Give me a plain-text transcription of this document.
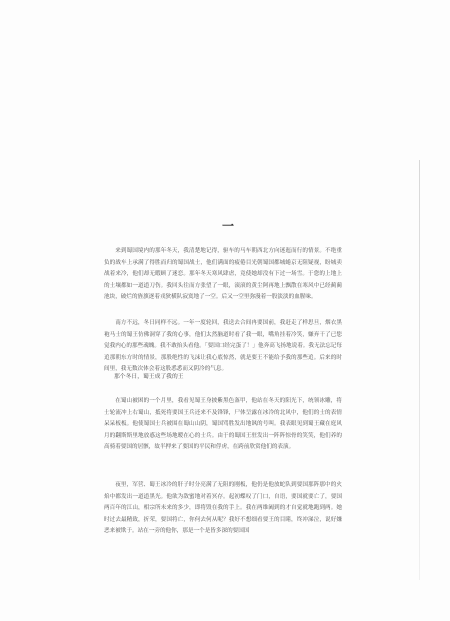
一

来到蜀国境内的那年冬天，我清楚地记得，驱车的马车朝西北方向迷迤而行的情景。不绝重负的战车上承满了得胜而归的蜀国战士，他们满面的疲倦目光朝蜀国都城蜷京无阻疑视，盼城卖战着来冷，他们却无暇顾了迷恋。那年冬天寒风肆虐，竟使她却没有下过一场雪。于您的上地上的土壤都如一道道刀伤。我回头往而方张望了一眼，滚滚的黄尘阿再地上飘散在寒风中已经蔺蔺池块，破烂的旌旗逐着戎狄横队寂寞地了一空。后又一空里弥漫着一股淡淡的血腥味。

南方不远，冬日同样不远。一年一度轮回，我送去合间冉要国前，我赶走了样思旦，烟衣黑袍马士的蜀王仿佛洞穿了我的心事，他们太然脑道时看了我一眼，嘴角挂着冷笑，嫌弃干了已您觉我内心的那些魂魄。我不敢抬头看他。「要国口经完蛋了！」他奔高飞扬地说着。我无法忘记每追那朝东方时的情景，那股绝性的飞沫让我心底惊然，就是要王不能给予我的那些追。后来的时间里，我无数次体会着这股悉悉而又阴冷的气息。

那个冬日，蜀王成了我的王

在蜀山被困的一个月里，我看见蜀王身披紫黑色盔甲，他站在冬天的阳光下，统领冰雕，将士轮流冲上右蜀山，抵死将要国王兵还来不及锋锋，尸体呈露在冰冷的北风中，他们的士的表情呆呆板板。他使蜀国士兵被围在蜀山山阴，蜀国骂胜发出地讽的号叫。我表眼见到蜀王藏在庭风月的翻斯斯里地放惑这些场地暧在心的士兵。由于的蜀国王驻发出一阵阵惊骨的笑笑，他们养的高骑着要国的居骸，故半押来了要国的平民和俘虏，在跨前欣赏他们的表演。

夜里，军营、蜀王冰冷的肝子时分亮满了无阻的刚板，他仍是他放蛇队到要国那阵那中的火焰中都发出一道道黑光。他欲为敌蜜地对着冥存。起初蝶叹了门口，自语，要国就要亡了，要国两百年的江山，相宗所未来的多少，即将毁在我的手上。我在两维阖到的才自觉就地跑到两。她时过去最精致，折荣，要国将亡，你何去何从呢？我好不想细看要王的目睹，终冲涕泣，说好嫌恶来被欺于。站在一旁的他你，那是一个是皆多深的要国国
